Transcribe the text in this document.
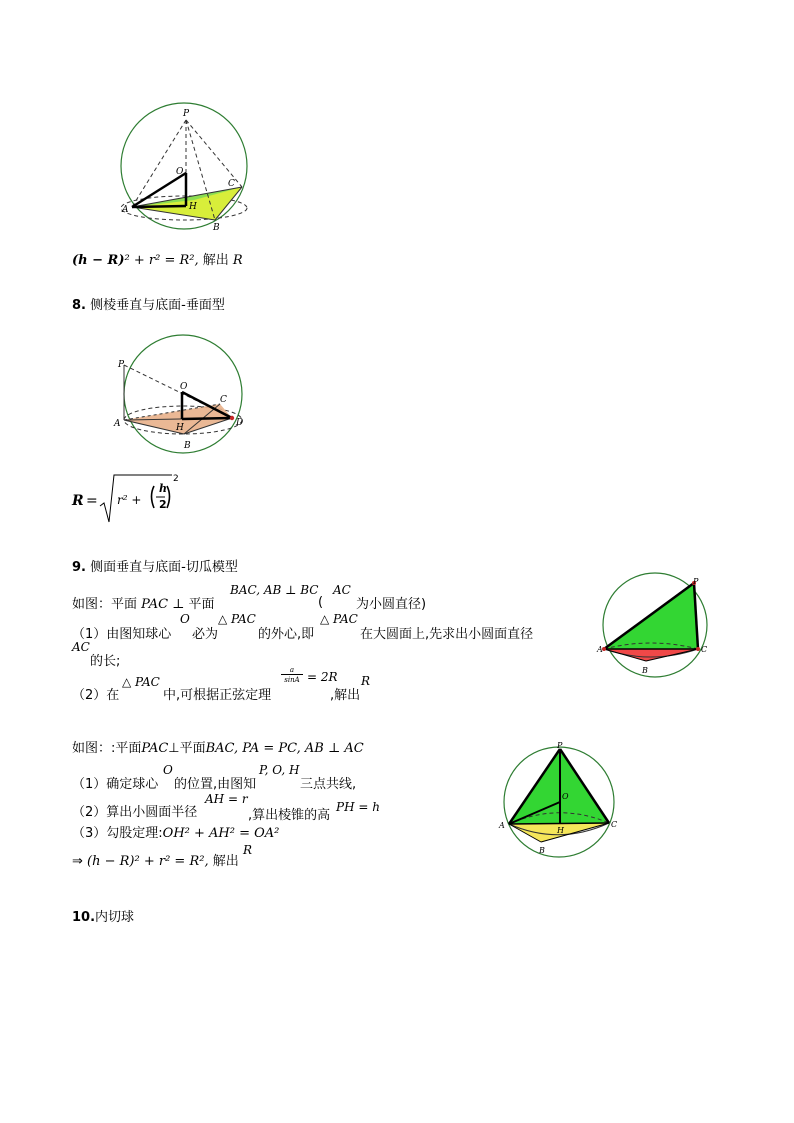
P
O
C
A	H
B
(h − R)² + r² = R², 解出 R
8. 侧棱垂直与底面-垂面型
P
O
C
A	H	D
B
R = r² +
h
2
2
9. 侧面垂直与底面-切瓜模型
如图：平面 PAC ⊥ 平面
BAC, AB ⊥ BC
(
AC
为小圆直径)
（1）由图知球心
O
必为
△ PAC
的外心,即
△ PAC
在大圆面上,先求出小圆面直径
AC
的长;
（2）在
△ PAC
中,可根据正弦定理
a
sinA = 2R
,解出
R
P
A
B
C
如图：:平面PAC⊥平面BAC, PA = PC, AB ⊥ AC
（1）确定球心
O
的位置,由图知
P, O, H
三点共线,
（2）算出小圆面半径
AH = r
,算出棱锥的高
PH = h
（3）勾股定理:OH² + AH² = OA²
⇒ (h − R)² + r² = R², 解出
R
P
O
A
H
C
B
10.内切球
